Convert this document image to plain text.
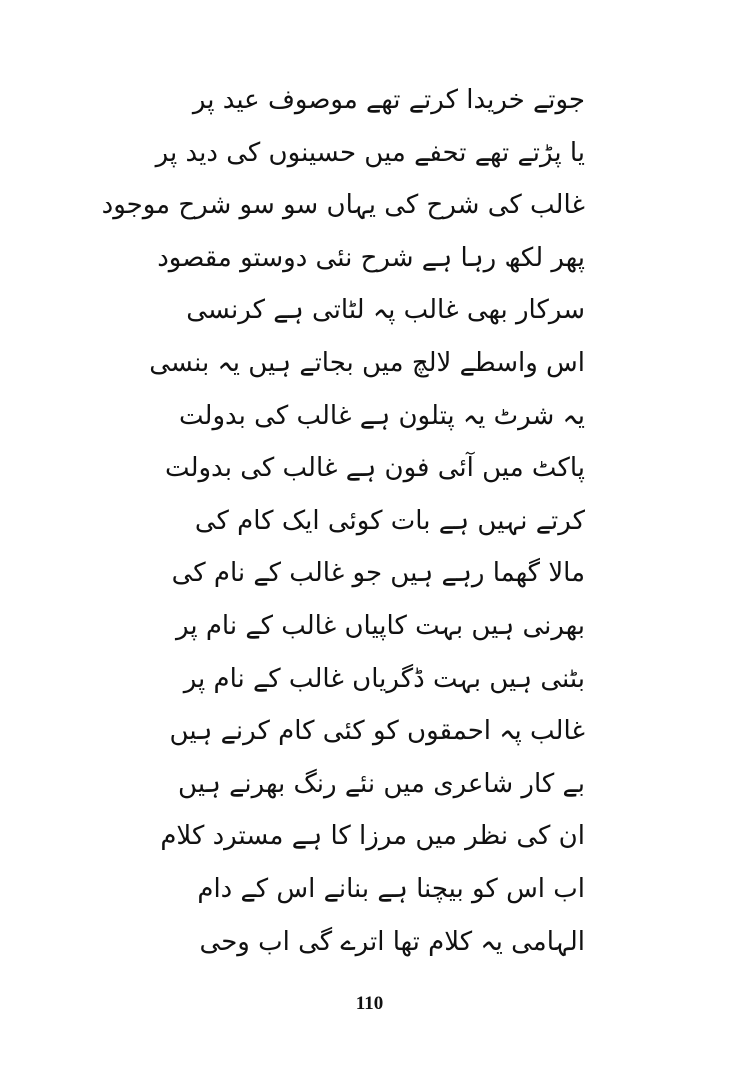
جوتے خریدا کرتے تھے موصوف عید پر
یا پڑتے تھے تحفے میں حسینوں کی دید پر
غالب کی شرح کی یہاں سو سو شرح موجود
پھر لکھ رہا ہے شرح نئی دوستو مقصود
سرکار بھی غالب پہ لٹاتی ہے کرنسی
اس واسطے لالچ میں بجاتے ہیں یہ بنسی
یہ شرٹ یہ پتلون ہے غالب کی بدولت
پاکٹ میں آئی فون ہے غالب کی بدولت
کرتے نہیں ہے بات کوئی ایک کام کی
مالا گھما رہے ہیں جو غالب کے نام کی
بھرنی ہیں بہت کاپیاں غالب کے نام پر
بٹنی ہیں بہت ڈگریاں غالب کے نام پر
غالب پہ احمقوں کو کئی کام کرنے ہیں
بے کار شاعری میں نئے رنگ بھرنے ہیں
ان کی نظر میں مرزا کا ہے مسترد کلام
اب اس کو بیچنا ہے بنانے اس کے دام
الہامی یہ کلام تھا اترے گی اب وحی
110
